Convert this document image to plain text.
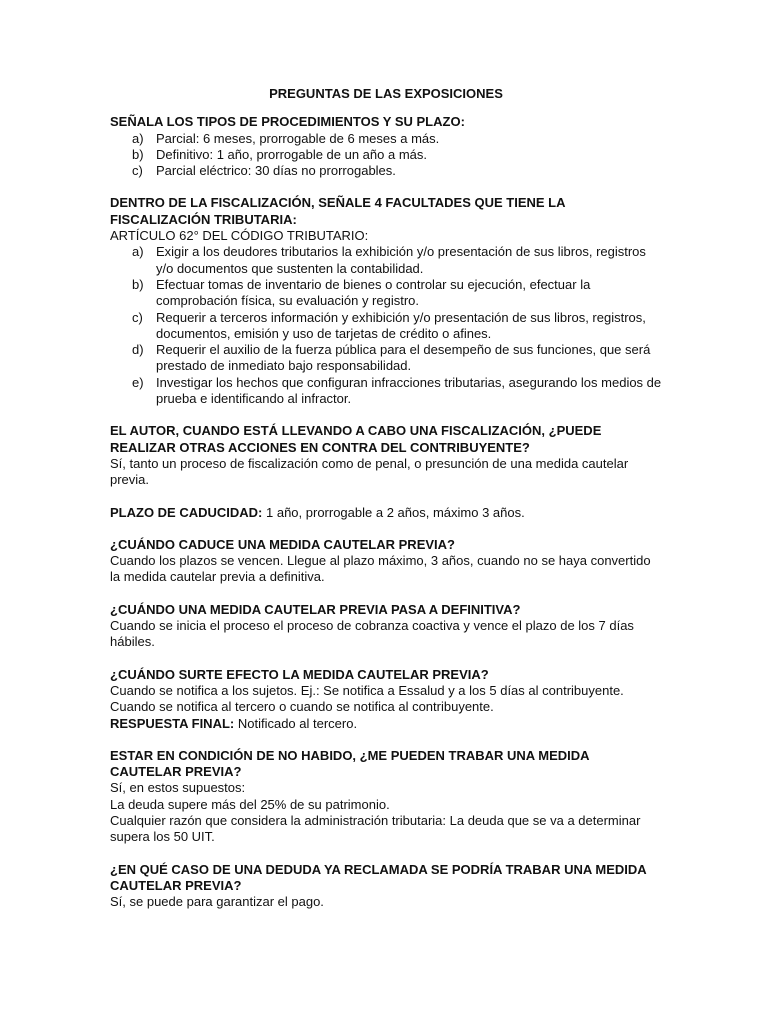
PREGUNTAS DE LAS EXPOSICIONES

SEÑALA LOS TIPOS DE PROCEDIMIENTOS Y SU PLAZO:

a) Parcial: 6 meses, prorrogable de 6 meses a más.
b) Definitivo: 1 año, prorrogable de un año a más.
c) Parcial eléctrico: 30 días no prorrogables.

DENTRO DE LA FISCALIZACIÓN, SEÑALE 4 FACULTADES QUE TIENE LA FISCALIZACIÓN TRIBUTARIA:

ARTÍCULO 62° DEL CÓDIGO TRIBUTARIO:

a) Exigir a los deudores tributarios la exhibición y/o presentación de sus libros, registros y/o documentos que sustenten la contabilidad.
b) Efectuar tomas de inventario de bienes o controlar su ejecución, efectuar la comprobación física, su evaluación y registro.
c) Requerir a terceros información y exhibición y/o presentación de sus libros, registros, documentos, emisión y uso de tarjetas de crédito o afines.
d) Requerir el auxilio de la fuerza pública para el desempeño de sus funciones, que será prestado de inmediato bajo responsabilidad.
e) Investigar los hechos que configuran infracciones tributarias, asegurando los medios de prueba e identificando al infractor.

EL AUTOR, CUANDO ESTÁ LLEVANDO A CABO UNA FISCALIZACIÓN, ¿PUEDE REALIZAR OTRAS ACCIONES EN CONTRA DEL CONTRIBUYENTE?

Sí, tanto un proceso de fiscalización como de penal, o presunción de una medida cautelar previa.

PLAZO DE CADUCIDAD: 1 año, prorrogable a 2 años, máximo 3 años.

¿CUÁNDO CADUCE UNA MEDIDA CAUTELAR PREVIA?

Cuando los plazos se vencen. Llegue al plazo máximo, 3 años, cuando no se haya convertido la medida cautelar previa a definitiva.

¿CUÁNDO UNA MEDIDA CAUTELAR PREVIA PASA A DEFINITIVA?

Cuando se inicia el proceso el proceso de cobranza coactiva y vence el plazo de los 7 días hábiles.

¿CUÁNDO SURTE EFECTO LA MEDIDA CAUTELAR PREVIA?

Cuando se notifica a los sujetos. Ej.: Se notifica a Essalud y a los 5 días al contribuyente.

Cuando se notifica al tercero o cuando se notifica al contribuyente.

RESPUESTA FINAL: Notificado al tercero.

ESTAR EN CONDICIÓN DE NO HABIDO, ¿ME PUEDEN TRABAR UNA MEDIDA CAUTELAR PREVIA?

Sí, en estos supuestos:

La deuda supere más del 25% de su patrimonio.

Cualquier razón que considera la administración tributaria: La deuda que se va a determinar supera los 50 UIT.

¿EN QUÉ CASO DE UNA DEDUDA YA RECLAMADA SE PODRÍA TRABAR UNA MEDIDA CAUTELAR PREVIA?

Sí, se puede para garantizar el pago.
